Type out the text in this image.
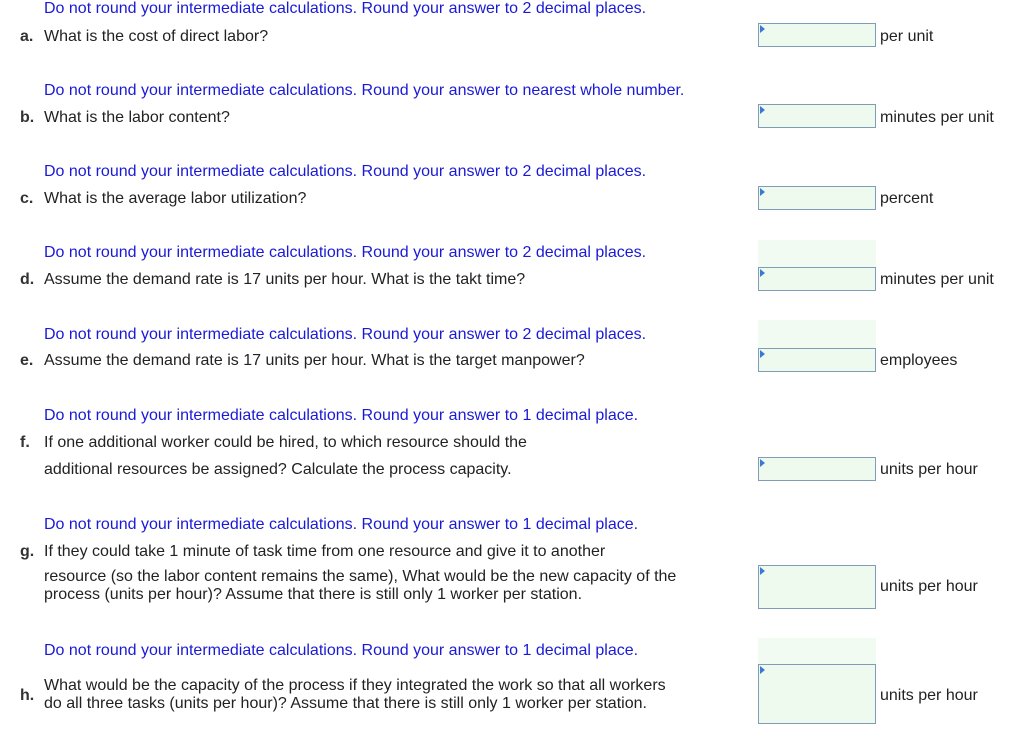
Do not round your intermediate calculations. Round your answer to 2 decimal places.
a. What is the cost of direct labor?	per unit
Do not round your intermediate calculations. Round your answer to nearest whole number.
b. What is the labor content?	minutes per unit
Do not round your intermediate calculations. Round your answer to 2 decimal places.
c. What is the average labor utilization?	percent
Do not round your intermediate calculations. Round your answer to 2 decimal places.
d. Assume the demand rate is 17 units per hour. What is the takt time?	minutes per unit
Do not round your intermediate calculations. Round your answer to 2 decimal places.
e. Assume the demand rate is 17 units per hour. What is the target manpower?	employees
Do not round your intermediate calculations. Round your answer to 1 decimal place.
f. If one additional worker could be hired, to which resource should the
additional resources be assigned? Calculate the process capacity.	units per hour
Do not round your intermediate calculations. Round your answer to 1 decimal place.
g. If they could take 1 minute of task time from one resource and give it to another
resource (so the labor content remains the same), What would be the new capacity of the
process (units per hour)? Assume that there is still only 1 worker per station.	units per hour
Do not round your intermediate calculations. Round your answer to 1 decimal place.
h.
What would be the capacity of the process if they integrated the work so that all workers
do all three tasks (units per hour)? Assume that there is still only 1 worker per station.	units per hour
